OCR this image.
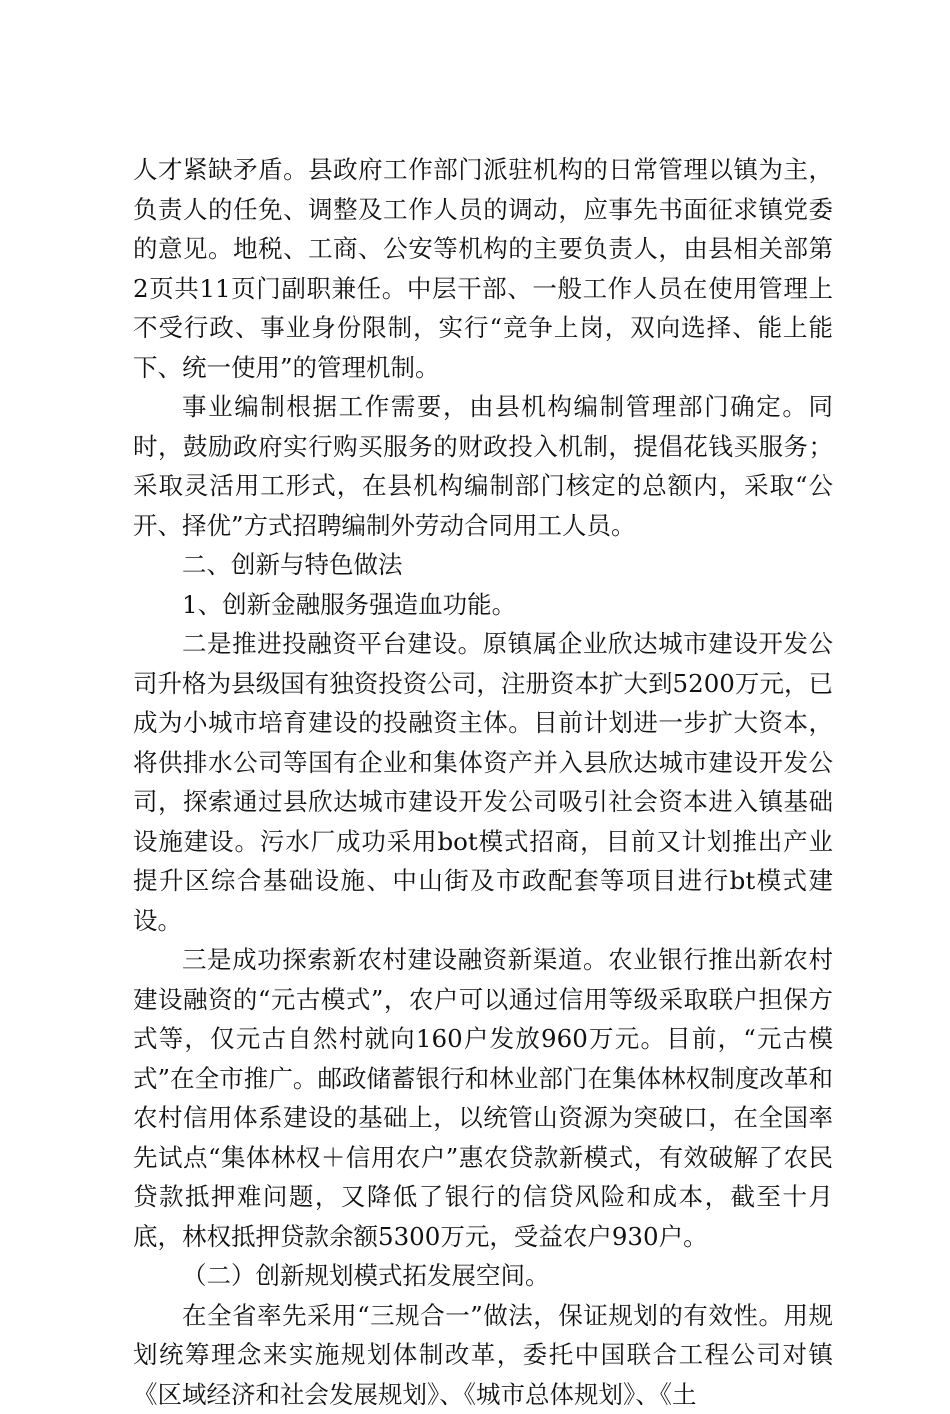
人才紧缺矛盾。县政府工作部门派驻机构的日常管理以镇为主，负责人的任免、调整及工作人员的调动，应事先书面征求镇党委的意见。地税、工商、公安等机构的主要负责人，由县相关部第2页共11页门副职兼任。中层干部、一般工作人员在使用管理上不受行政、事业身份限制，实行“竞争上岗，双向选择、能上能下、统一使用”的管理机制。

事业编制根据工作需要，由县机构编制管理部门确定。同时，鼓励政府实行购买服务的财政投入机制，提倡花钱买服务；采取灵活用工形式，在县机构编制部门核定的总额内，采取“公开、择优”方式招聘编制外劳动合同用工人员。

二、创新与特色做法

1、创新金融服务强造血功能。

二是推进投融资平台建设。原镇属企业欣达城市建设开发公司升格为县级国有独资投资公司，注册资本扩大到5200万元，已成为小城市培育建设的投融资主体。目前计划进一步扩大资本，将供排水公司等国有企业和集体资产并入县欣达城市建设开发公司，探索通过县欣达城市建设开发公司吸引社会资本进入镇基础设施建设。污水厂成功采用bot模式招商，目前又计划推出产业提升区综合基础设施、中山街及市政配套等项目进行bt模式建设。

三是成功探索新农村建设融资新渠道。农业银行推出新农村建设融资的“元古模式”，农户可以通过信用等级采取联户担保方式等，仅元古自然村就向160户发放960万元。目前，“元古模式”在全市推广。邮政储蓄银行和林业部门在集体林权制度改革和农村信用体系建设的基础上，以统管山资源为突破口，在全国率先试点“集体林权＋信用农户”惠农贷款新模式，有效破解了农民贷款抵押难问题，又降低了银行的信贷风险和成本，截至十月底，林权抵押贷款余额5300万元，受益农户930户。

（二）创新规划模式拓发展空间。

在全省率先采用“三规合一”做法，保证规划的有效性。用规划统筹理念来实施规划体制改革，委托中国联合工程公司对镇《区域经济和社会发展规划》、《城市总体规划》、《土
